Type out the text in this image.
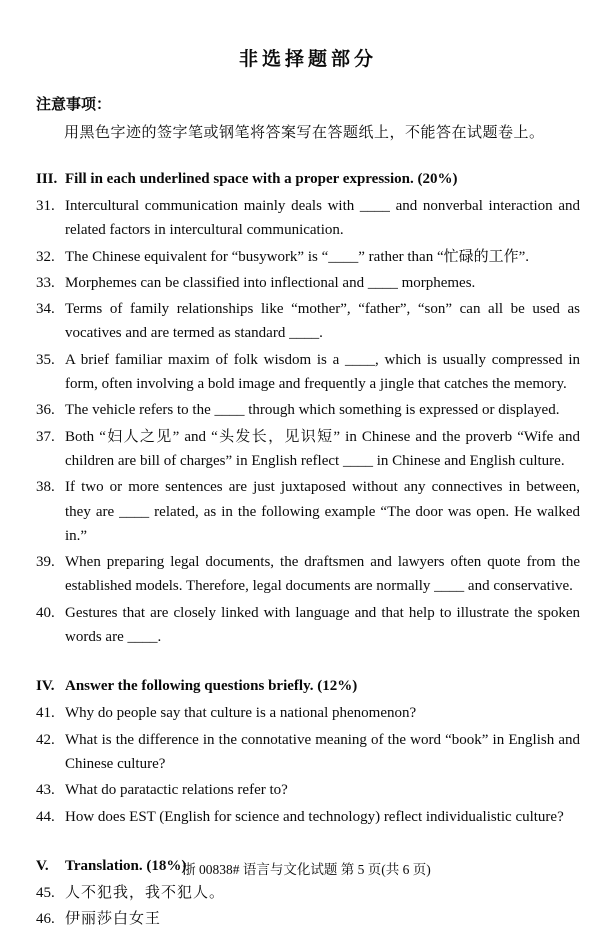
非选择题部分
注意事项：
用黑色字迹的签字笔或钢笔将答案写在答题纸上，不能答在试题卷上。
III. Fill in each underlined space with a proper expression. (20%)
31. Intercultural communication mainly deals with ____ and nonverbal interaction and related factors in intercultural communication.
32. The Chinese equivalent for “busywork” is “____” rather than “忙碌的工作”.
33. Morphemes can be classified into inflectional and ____ morphemes.
34. Terms of family relationships like “mother”, “father”, “son” can all be used as vocatives and are termed as standard ____.
35. A brief familiar maxim of folk wisdom is a ____, which is usually compressed in form, often involving a bold image and frequently a jingle that catches the memory.
36. The vehicle refers to the ____ through which something is expressed or displayed.
37. Both “妇人之见” and “头发长，见识短” in Chinese and the proverb “Wife and children are bill of charges” in English reflect ____ in Chinese and English culture.
38. If two or more sentences are just juxtaposed without any connectives in between, they are ____ related, as in the following example “The door was open. He walked in.”
39. When preparing legal documents, the draftsmen and lawyers often quote from the established models. Therefore, legal documents are normally ____ and conservative.
40. Gestures that are closely linked with language and that help to illustrate the spoken words are ____.
IV. Answer the following questions briefly. (12%)
41. Why do people say that culture is a national phenomenon?
42. What is the difference in the connotative meaning of the word “book” in English and Chinese culture?
43. What do paratactic relations refer to?
44. How does EST (English for science and technology) reflect individualistic culture?
V.	Translation. (18%)
45. 人不犯我，我不犯人。
46. 伊丽莎白女王
浙 00838# 语言与文化试题 第 5 页(共 6 页)
